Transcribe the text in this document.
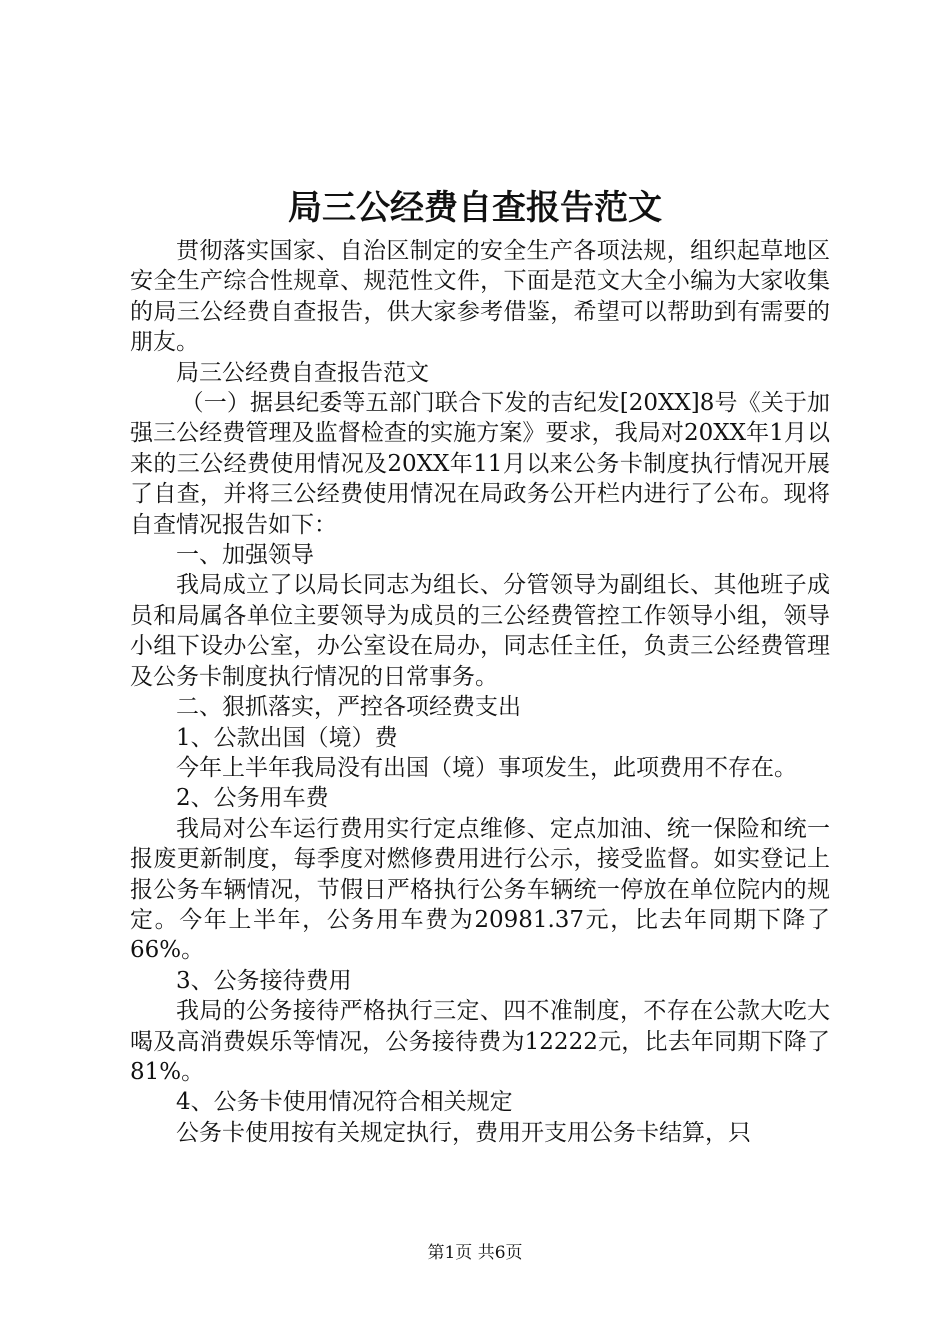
局三公经费自查报告范文

贯彻落实国家、自治区制定的安全生产各项法规，组织起草地区安全生产综合性规章、规范性文件，下面是范文大全小编为大家收集的局三公经费自查报告，供大家参考借鉴，希望可以帮助到有需要的朋友。

局三公经费自查报告范文

（一）据县纪委等五部门联合下发的吉纪发[20XX]8号《关于加强三公经费管理及监督检查的实施方案》要求，我局对20XX年1月以来的三公经费使用情况及20XX年11月以来公务卡制度执行情况开展了自查，并将三公经费使用情况在局政务公开栏内进行了公布。现将自查情况报告如下：

一、加强领导

我局成立了以局长同志为组长、分管领导为副组长、其他班子成员和局属各单位主要领导为成员的三公经费管控工作领导小组，领导小组下设办公室，办公室设在局办，同志任主任，负责三公经费管理及公务卡制度执行情况的日常事务。

二、狠抓落实，严控各项经费支出

1、公款出国（境）费

今年上半年我局没有出国（境）事项发生，此项费用不存在。

2、公务用车费

我局对公车运行费用实行定点维修、定点加油、统一保险和统一报废更新制度，每季度对燃修费用进行公示，接受监督。如实登记上报公务车辆情况，节假日严格执行公务车辆统一停放在单位院内的规定。今年上半年，公务用车费为20981.37元，比去年同期下降了66%。

3、公务接待费用

我局的公务接待严格执行三定、四不准制度，不存在公款大吃大喝及高消费娱乐等情况，公务接待费为12222元，比去年同期下降了81%。

4、公务卡使用情况符合相关规定

公务卡使用按有关规定执行，费用开支用公务卡结算，只

第1页 共6页
